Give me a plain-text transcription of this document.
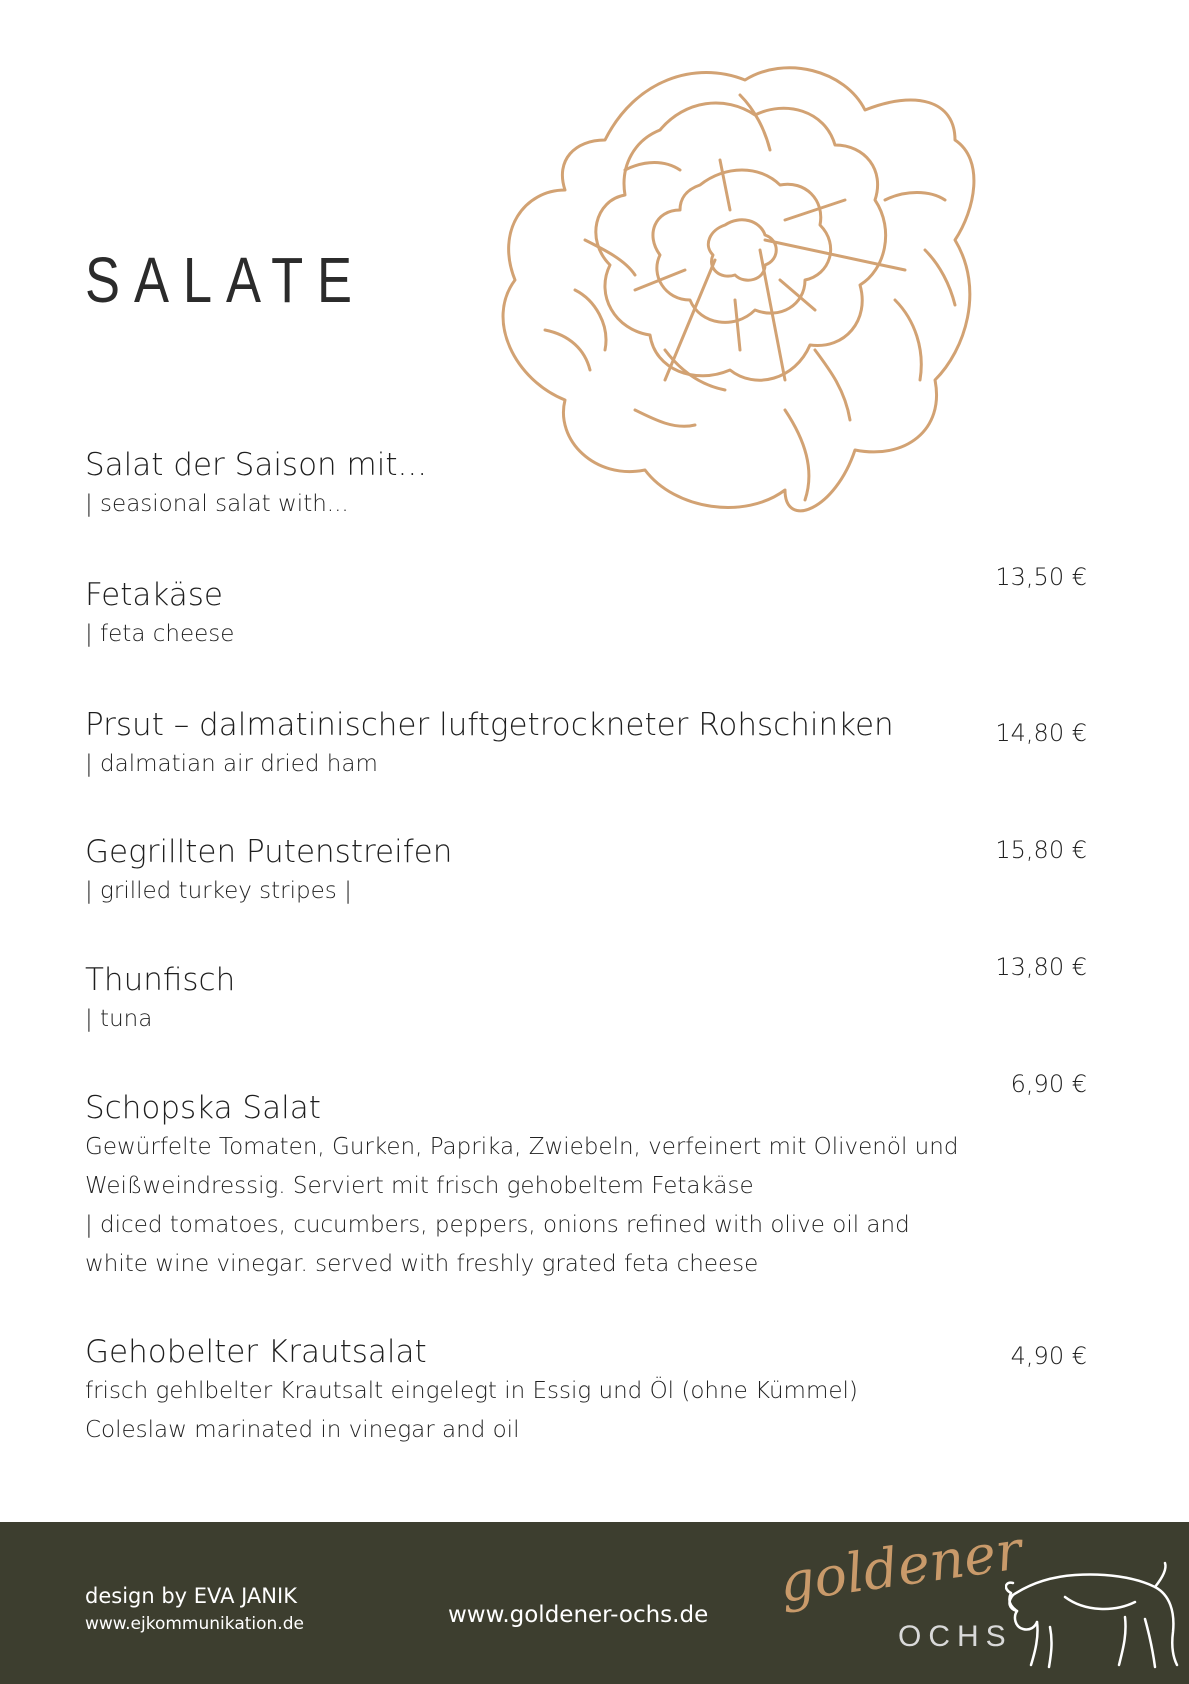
SALATE
Salat der Saison mit...
| seasional salat with...
Fetakäse
| feta cheese
13,50 €
Prsut – dalmatinischer luftgetrockneter Rohschinken
| dalmatian air dried ham
14,80 €
Gegrillten Putenstreifen
| grilled turkey stripes |
15,80 €
Thunfisch
| tuna
13,80 €
Schopska Salat
Gewürfelte Tomaten, Gurken, Paprika, Zwiebeln, verfeinert mit Olivenöl und
Weißweindressig. Serviert mit frisch gehobeltem Fetakäse
| diced tomatoes, cucumbers, peppers, onions refined with olive oil and
white wine vinegar. served with freshly grated feta cheese
6,90 €
Gehobelter Krautsalat
frisch gehlbelter Krautsalt eingelegt in Essig und Öl (ohne Kümmel)
Coleslaw marinated in vinegar and oil
4,90 €
design by EVA JANIK
www.ejkommunikation.de	www.goldener-ochs.de
goldener
OCHS
